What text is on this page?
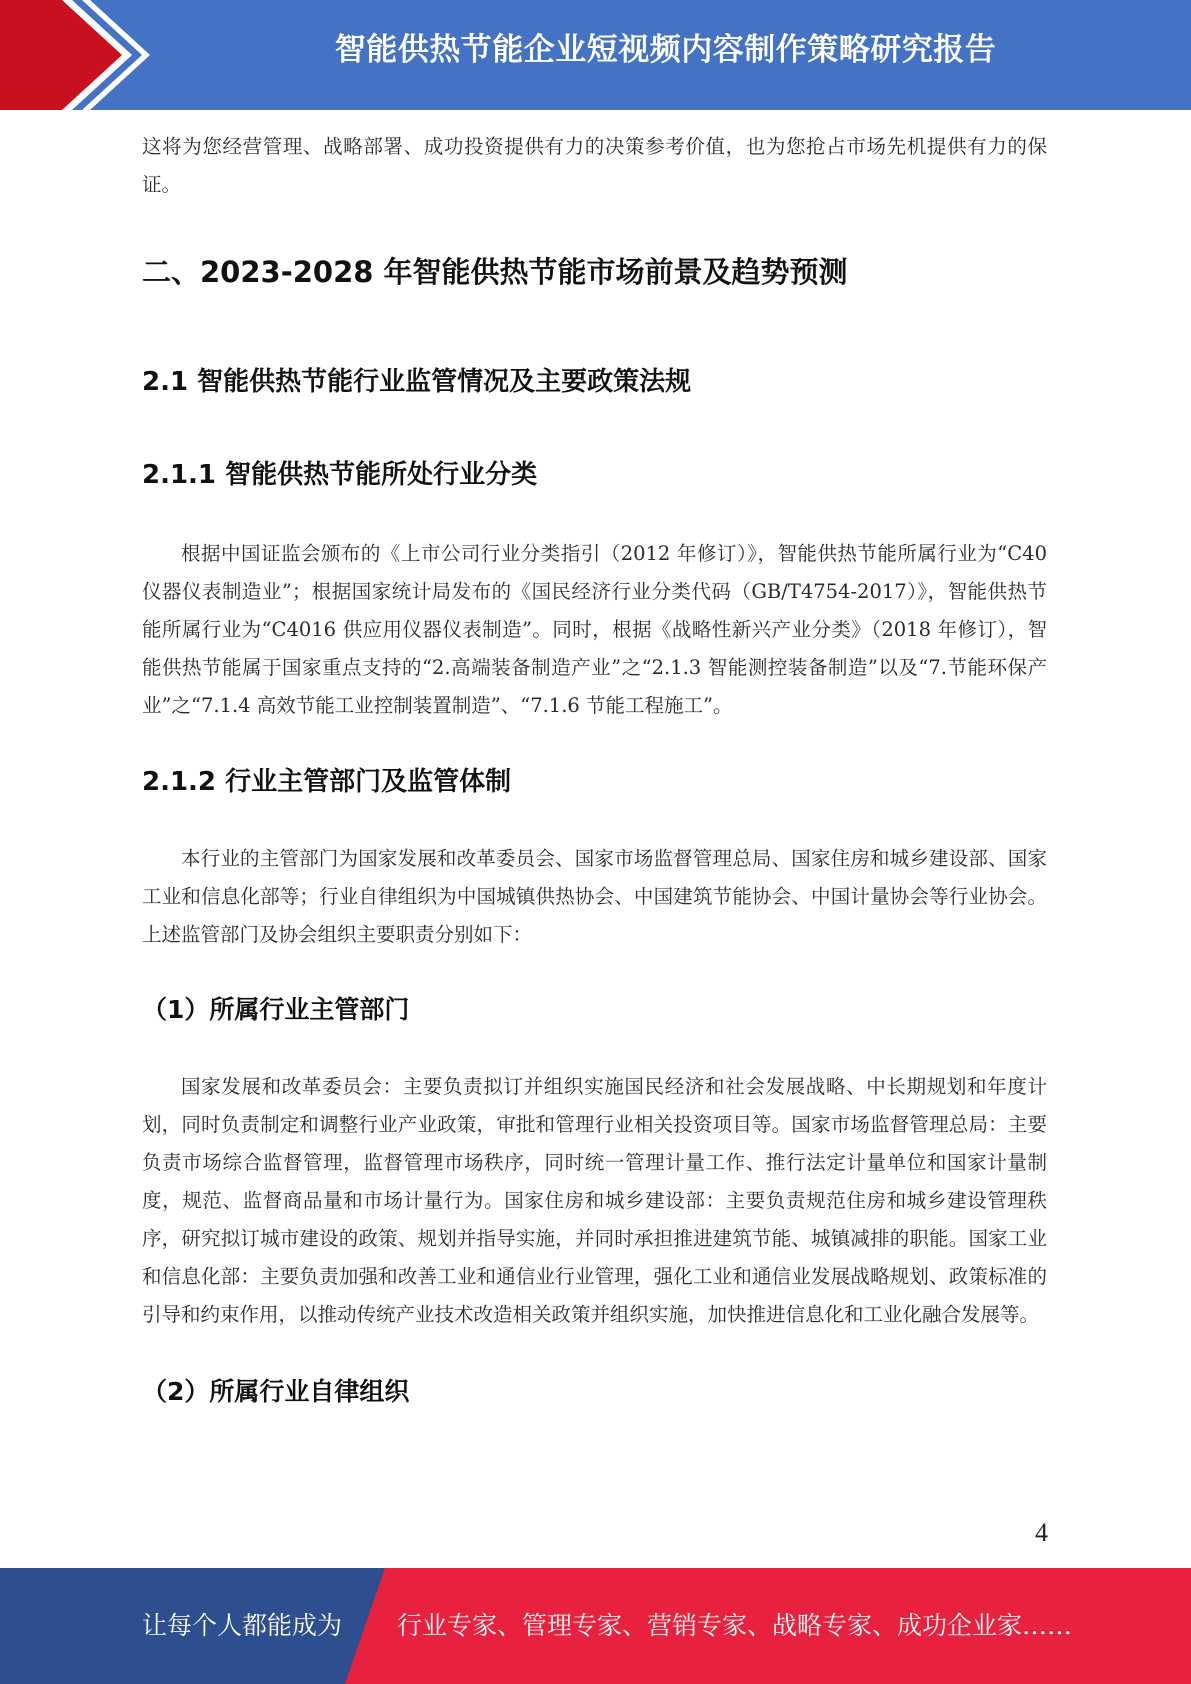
智能供热节能企业短视频内容制作策略研究报告

这将为您经营管理、战略部署、成功投资提供有力的决策参考价值，也为您抢占市场先机提供有力的保证。

二、2023-2028 年智能供热节能市场前景及趋势预测
2.1 智能供热节能行业监管情况及主要政策法规
2.1.1 智能供热节能所处行业分类

根据中国证监会颁布的《上市公司行业分类指引（2012 年修订）》，智能供热节能所属行业为“C40 仪器仪表制造业”；根据国家统计局发布的《国民经济行业分类代码（GB/T4754-2017）》，智能供热节能所属行业为“C4016 供应用仪器仪表制造”。同时，根据《战略性新兴产业分类》（2018 年修订），智能供热节能属于国家重点支持的“2.高端装备制造产业”之“2.1.3 智能测控装备制造”以及“7.节能环保产业”之“7.1.4 高效节能工业控制装置制造”、“7.1.6 节能工程施工”。

2.1.2 行业主管部门及监管体制

本行业的主管部门为国家发展和改革委员会、国家市场监督管理总局、国家住房和城乡建设部、国家工业和信息化部等；行业自律组织为中国城镇供热协会、中国建筑节能协会、中国计量协会等行业协会。上述监管部门及协会组织主要职责分别如下：

（1）所属行业主管部门

国家发展和改革委员会：主要负责拟订并组织实施国民经济和社会发展战略、中长期规划和年度计划，同时负责制定和调整行业产业政策，审批和管理行业相关投资项目等。国家市场监督管理总局：主要负责市场综合监督管理，监督管理市场秩序，同时统一管理计量工作、推行法定计量单位和国家计量制度，规范、监督商品量和市场计量行为。国家住房和城乡建设部：主要负责规范住房和城乡建设管理秩序，研究拟订城市建设的政策、规划并指导实施，并同时承担推进建筑节能、城镇减排的职能。国家工业和信息化部：主要负责加强和改善工业和通信业行业管理，强化工业和通信业发展战略规划、政策标准的引导和约束作用，以推动传统产业技术改造相关政策并组织实施，加快推进信息化和工业化融合发展等。

（2）所属行业自律组织
4
让每个人都能成为 行业专家、管理专家、营销专家、战略专家、成功企业家……
